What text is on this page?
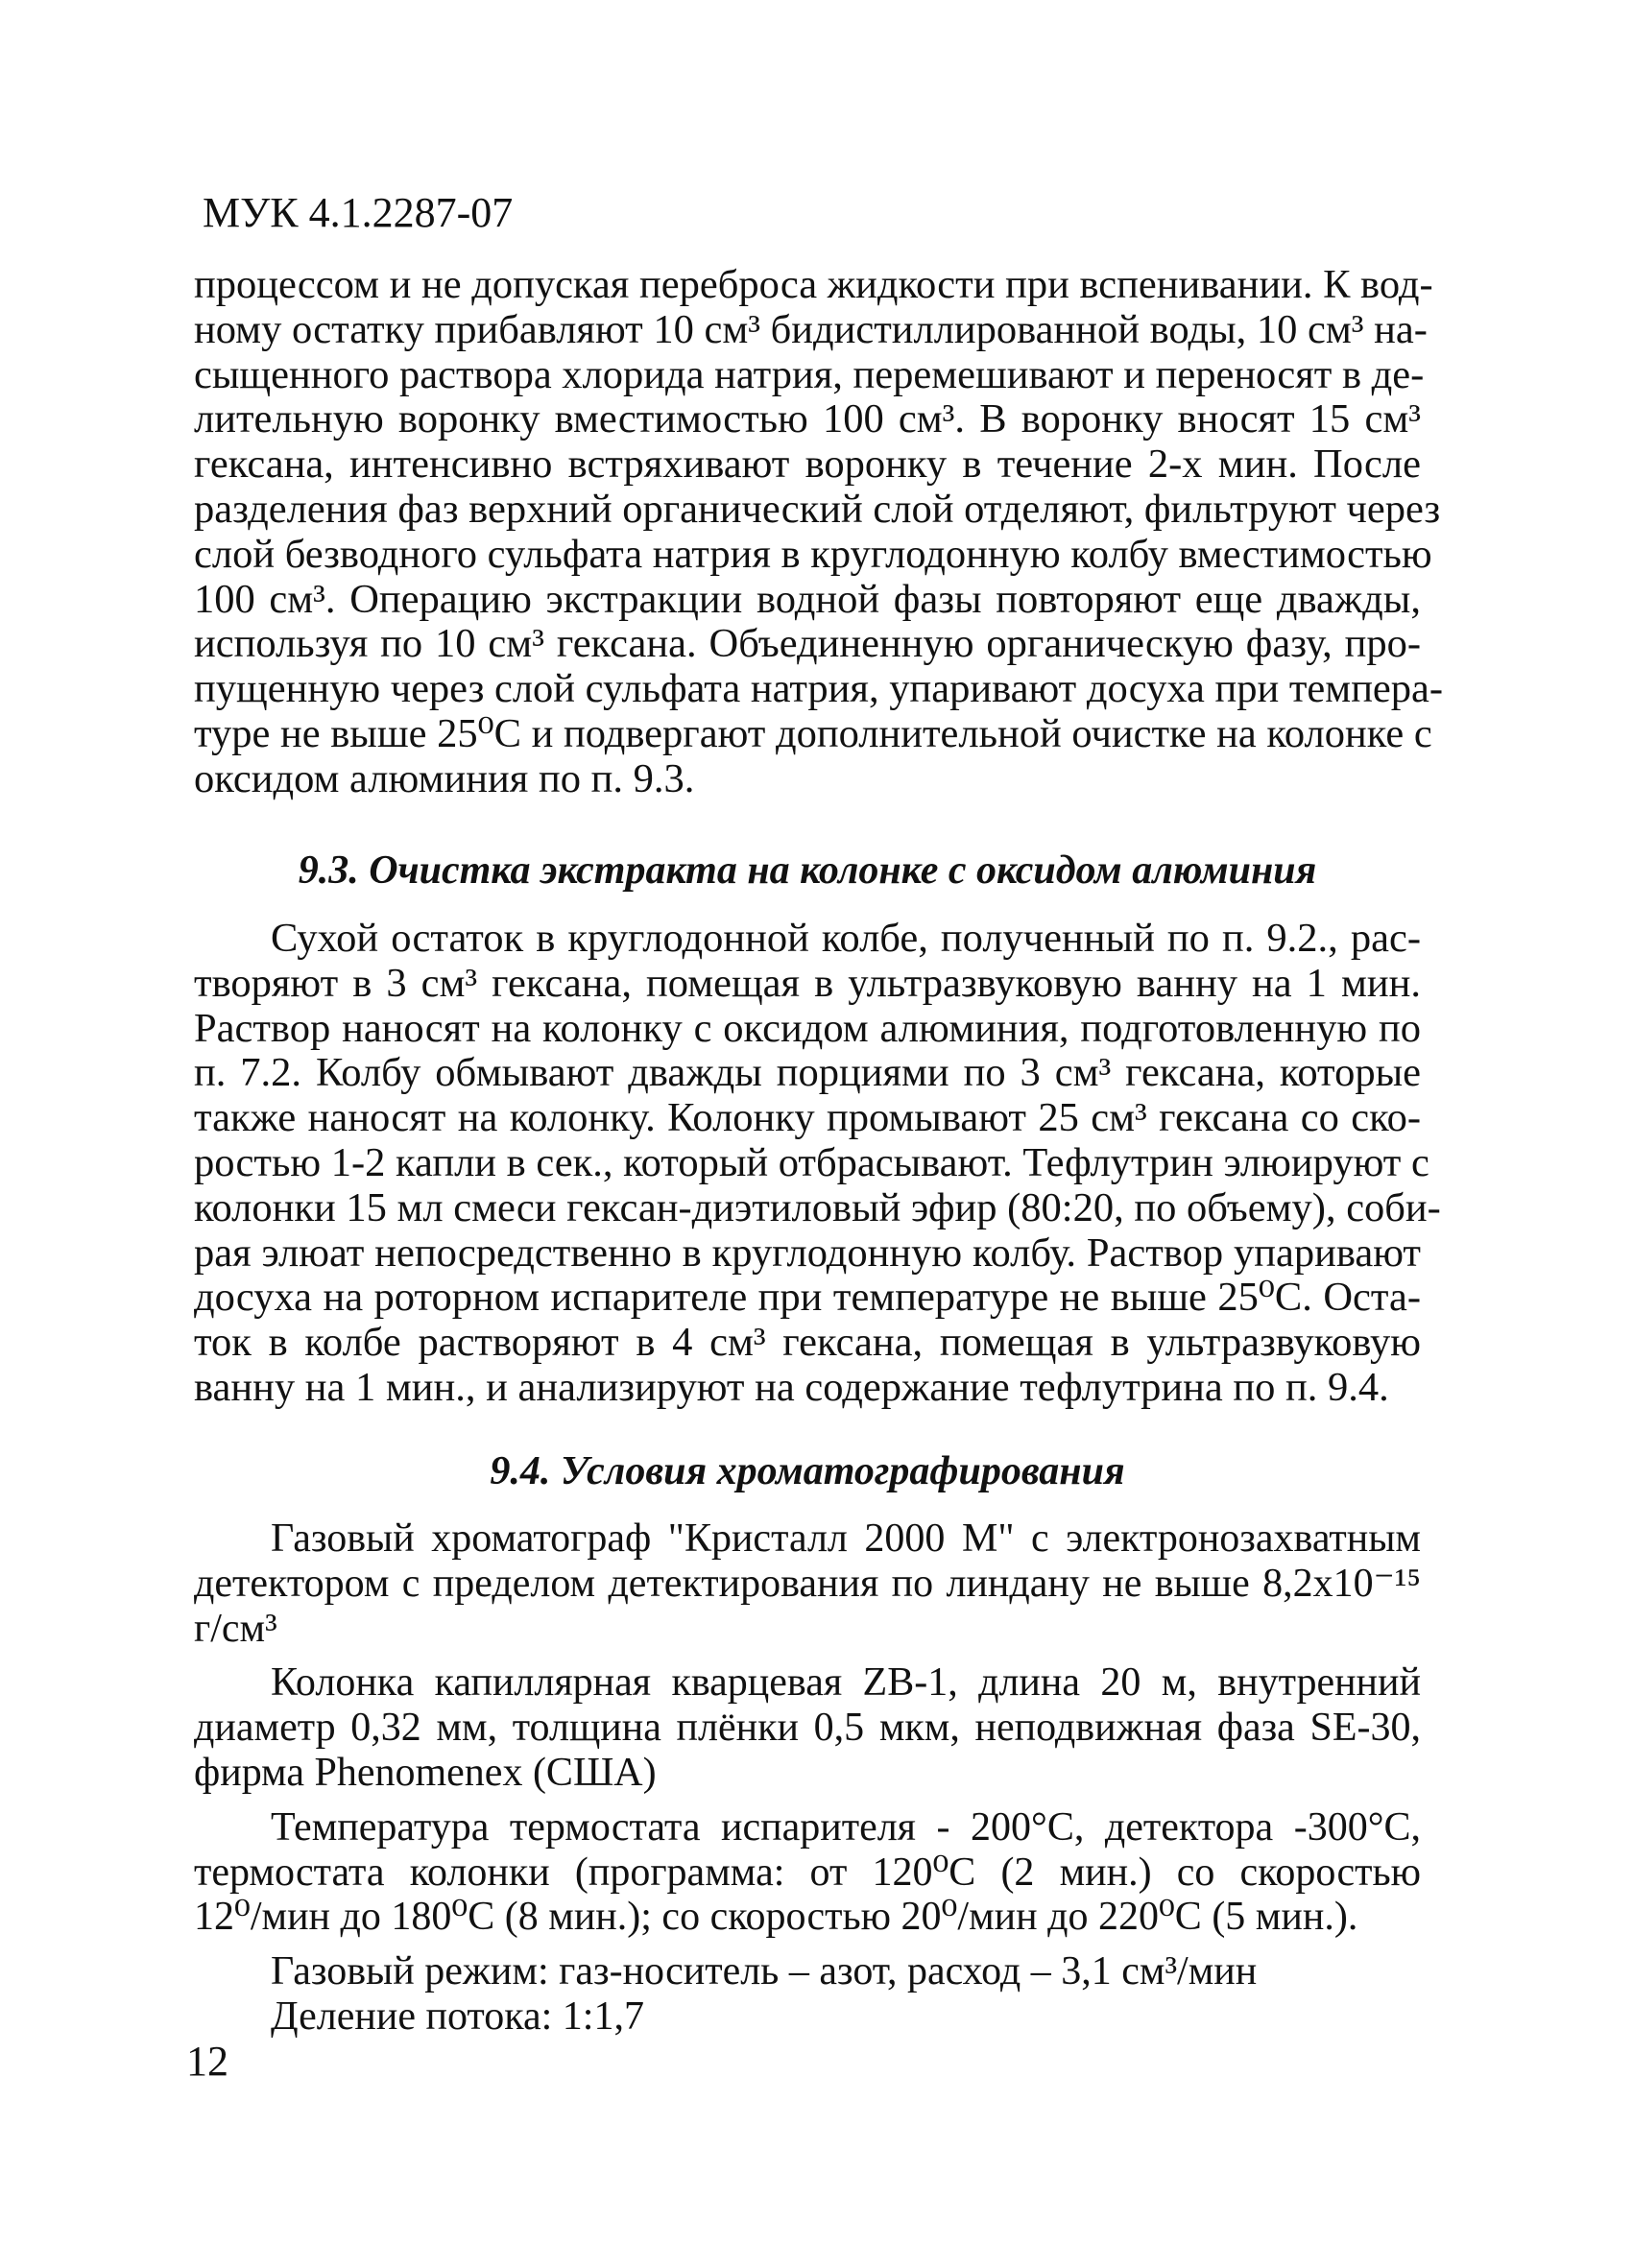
МУК 4.1.2287-07
процессом и не допуская переброса жидкости при вспенивании. К вод-
ному остатку прибавляют 10 см³ бидистиллированной воды, 10 см³ на-
сыщенного раствора хлорида натрия, перемешивают и переносят в де-
лительную воронку вместимостью 100 см³. В воронку вносят 15 см³
гексана, интенсивно встряхивают воронку в течение 2-х мин. После
разделения фаз верхний органический слой отделяют, фильтруют через
слой безводного сульфата натрия в круглодонную колбу вместимостью
100 см³. Операцию экстракции водной фазы повторяют еще дважды,
используя по 10 см³ гексана. Объединенную органическую фазу, про-
пущенную через слой сульфата натрия, упаривают досуха при темпера-
туре не выше 25⁰С и подвергают дополнительной очистке на колонке с
оксидом алюминия по п. 9.3.
9.3. Очистка экстракта на колонке с оксидом алюминия
Сухой остаток в круглодонной колбе, полученный по п. 9.2., рас-
творяют в 3 см³ гексана, помещая в ультразвуковую ванну на 1 мин.
Раствор наносят на колонку с оксидом алюминия, подготовленную по
п. 7.2. Колбу обмывают дважды порциями по 3 см³ гексана, которые
также наносят на колонку. Колонку промывают 25 см³ гексана со ско-
ростью 1-2 капли в сек., который отбрасывают. Тефлутрин элюируют с
колонки 15 мл смеси гексан-диэтиловый эфир (80:20, по объему), соби-
рая элюат непосредственно в круглодонную колбу. Раствор упаривают
досуха на роторном испарителе при температуре не выше 25⁰С. Оста-
ток в колбе растворяют в 4 см³ гексана, помещая в ультразвуковую
ванну на 1 мин., и анализируют на содержание тефлутрина по п. 9.4.
9.4. Условия хроматографирования
Газовый хроматограф "Кристалл 2000 М" с электронозахватным
детектором с пределом детектирования по линдану не выше 8,2х10⁻¹⁵
г/см³
Колонка капиллярная кварцевая ZB-1, длина 20 м, внутренний
диаметр 0,32 мм, толщина плёнки 0,5 мкм, неподвижная фаза SE-30,
фирма Phenomenex (США)
Температура термостата испарителя - 200°С, детектора -300°С,
термостата колонки (программа: от 120⁰С (2 мин.) со скоростью
12⁰/мин до 180⁰С (8 мин.); со скоростью 20⁰/мин до 220⁰С (5 мин.).
Газовый режим: газ-носитель – азот, расход – 3,1 см³/мин
Деление потока: 1:1,7
12
